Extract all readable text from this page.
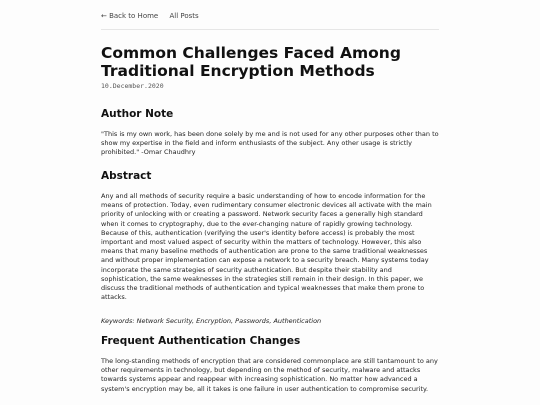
← Back to Home All Posts
Common Challenges Faced Among Traditional Encryption Methods
10.December.2020
Author Note

"This is my own work, has been done solely by me and is not used for any other purposes other than to show my expertise in the field and inform enthusiasts of the subject. Any other usage is strictly prohibited." -Omar Chaudhry

Abstract

Any and all methods of security require a basic understanding of how to encode information for the means of protection. Today, even rudimentary consumer electronic devices all activate with the main priority of unlocking with or creating a password. Network security faces a generally high standard when it comes to cryptography, due to the ever-changing nature of rapidly growing technology. Because of this, authentication (verifying the user's identity before access) is probably the most important and most valued aspect of security within the matters of technology. However, this also means that many baseline methods of authentication are prone to the same traditional weaknesses and without proper implementation can expose a network to a security breach. Many systems today incorporate the same strategies of security authentication. But despite their stability and sophistication, the same weaknesses in the strategies still remain in their design. In this paper, we discuss the traditional methods of authentication and typical weaknesses that make them prone to attacks.

Keywords: Network Security, Encryption, Passwords, Authentication

Frequent Authentication Changes

The long-standing methods of encryption that are considered commonplace are still tantamount to any other requirements in technology, but depending on the method of security, malware and attacks towards systems appear and reappear with increasing sophistication. No matter how advanced a system's encryption may be, all it takes is one failure in user authentication to compromise security.
